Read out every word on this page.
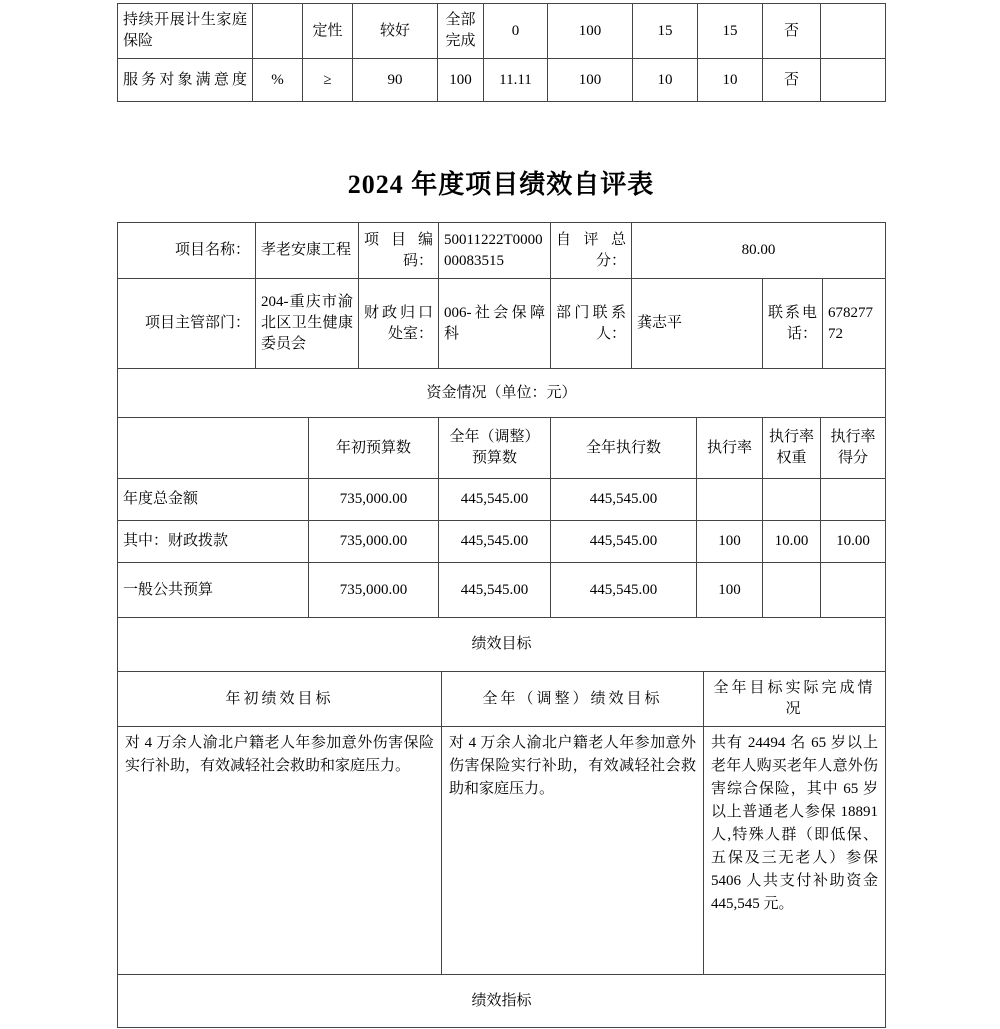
持续开展计生家庭保险		定性	较好	全部完成	0	100	15	15	否	
服务对象满意度	%	≥	90	100	11.11	100	10	10	否	
2024 年度项目绩效自评表
项目名称：	孝老安康工程	项目编码：	50011222T000000083515	自评总分：	80.00		
项目主管部门：	204-重庆市渝北区卫生健康委员会	财政归口处室：	006-社会保障科	部门联系人：	龚志平	联系电话：	67827772
资金情况（单位：元）						
	年初预算数	全年（调整）预算数	全年执行数	执行率	执行率权重	执行率得分
年度总金额	735,000.00	445,545.00	445,545.00			
其中：财政拨款	735,000.00	445,545.00	445,545.00	100	10.00	10.00
一般公共预算	735,000.00	445,545.00	445,545.00	100		
绩效目标		
年初绩效目标	全年（调整）绩效目标	全年目标实际完成情况
对 4 万余人渝北户籍老人年参加意外伤害保险实行补助，有效减轻社会救助和家庭压力。	对 4 万余人渝北户籍老人年参加意外伤害保险实行补助，有效减轻社会救助和家庭压力。	共有 24494 名 65 岁以上老年人购买老年人意外伤害综合保险，其中 65 岁以上普通老人参保 18891 人,特殊人群（即低保、五保及三无老人）参保 5406 人共支付补助资金 445,545 元。
绩效指标
